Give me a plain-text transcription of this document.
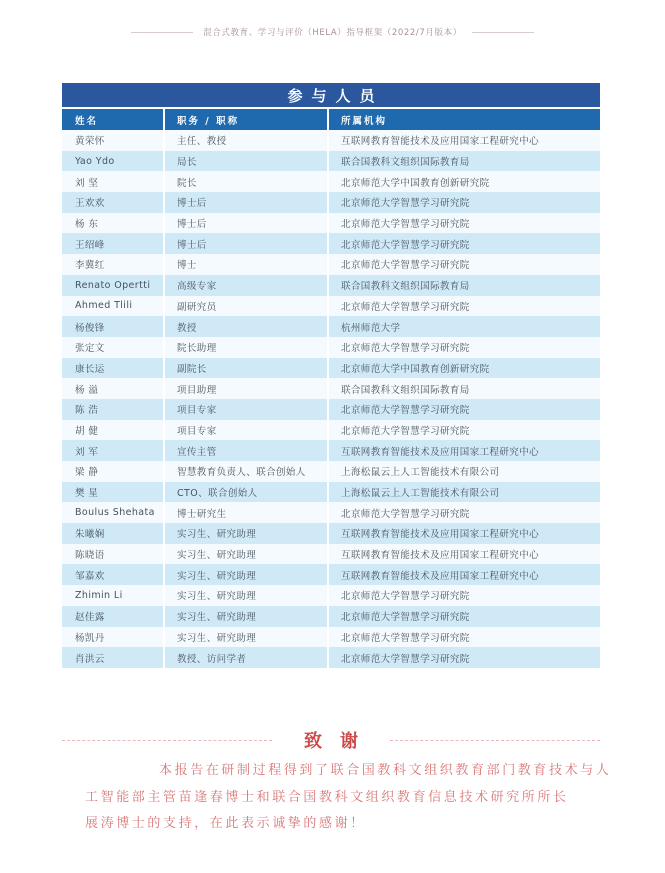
混合式教育、学习与评价（HELA）指导框架（2022/7月版本）
参与人员
姓名	职务 / 职称	所属机构
黄荣怀	主任、教授	互联网教育智能技术及应用国家工程研究中心
Yao Ydo	局长	联合国教科文组织国际教育局
刘 坚	院长	北京师范大学中国教育创新研究院
王欢欢	博士后	北京师范大学智慧学习研究院
杨 东	博士后	北京师范大学智慧学习研究院
王绍峰	博士后	北京师范大学智慧学习研究院
李冀红	博士	北京师范大学智慧学习研究院
Renato Opertti	高级专家	联合国教科文组织国际教育局
Ahmed Tlili	副研究员	北京师范大学智慧学习研究院
杨俊锋	教授	杭州师范大学
张定文	院长助理	北京师范大学智慧学习研究院
康长运	副院长	北京师范大学中国教育创新研究院
杨 溢	项目助理	联合国教科文组织国际教育局
陈 浩	项目专家	北京师范大学智慧学习研究院
胡 健	项目专家	北京师范大学智慧学习研究院
刘 军	宣传主管	互联网教育智能技术及应用国家工程研究中心
梁 静	智慧教育负责人、联合创始人	上海松鼠云上人工智能技术有限公司
樊 星	CTO、联合创始人	上海松鼠云上人工智能技术有限公司
Boulus Shehata	博士研究生	北京师范大学智慧学习研究院
朱曦娴	实习生、研究助理	互联网教育智能技术及应用国家工程研究中心
陈晓语	实习生、研究助理	互联网教育智能技术及应用国家工程研究中心
邹嘉欢	实习生、研究助理	互联网教育智能技术及应用国家工程研究中心
Zhimin Li	实习生、研究助理	北京师范大学智慧学习研究院
赵佳露	实习生、研究助理	北京师范大学智慧学习研究院
杨凯丹	实习生、研究助理	北京师范大学智慧学习研究院
肖洪云	教授、访问学者	北京师范大学智慧学习研究院
致谢
本报告在研制过程得到了联合国教科文组织教育部门教育技术与人
工智能部主管苗逢春博士和联合国教科文组织教育信息技术研究所所长
展涛博士的支持，在此表示诚挚的感谢！
